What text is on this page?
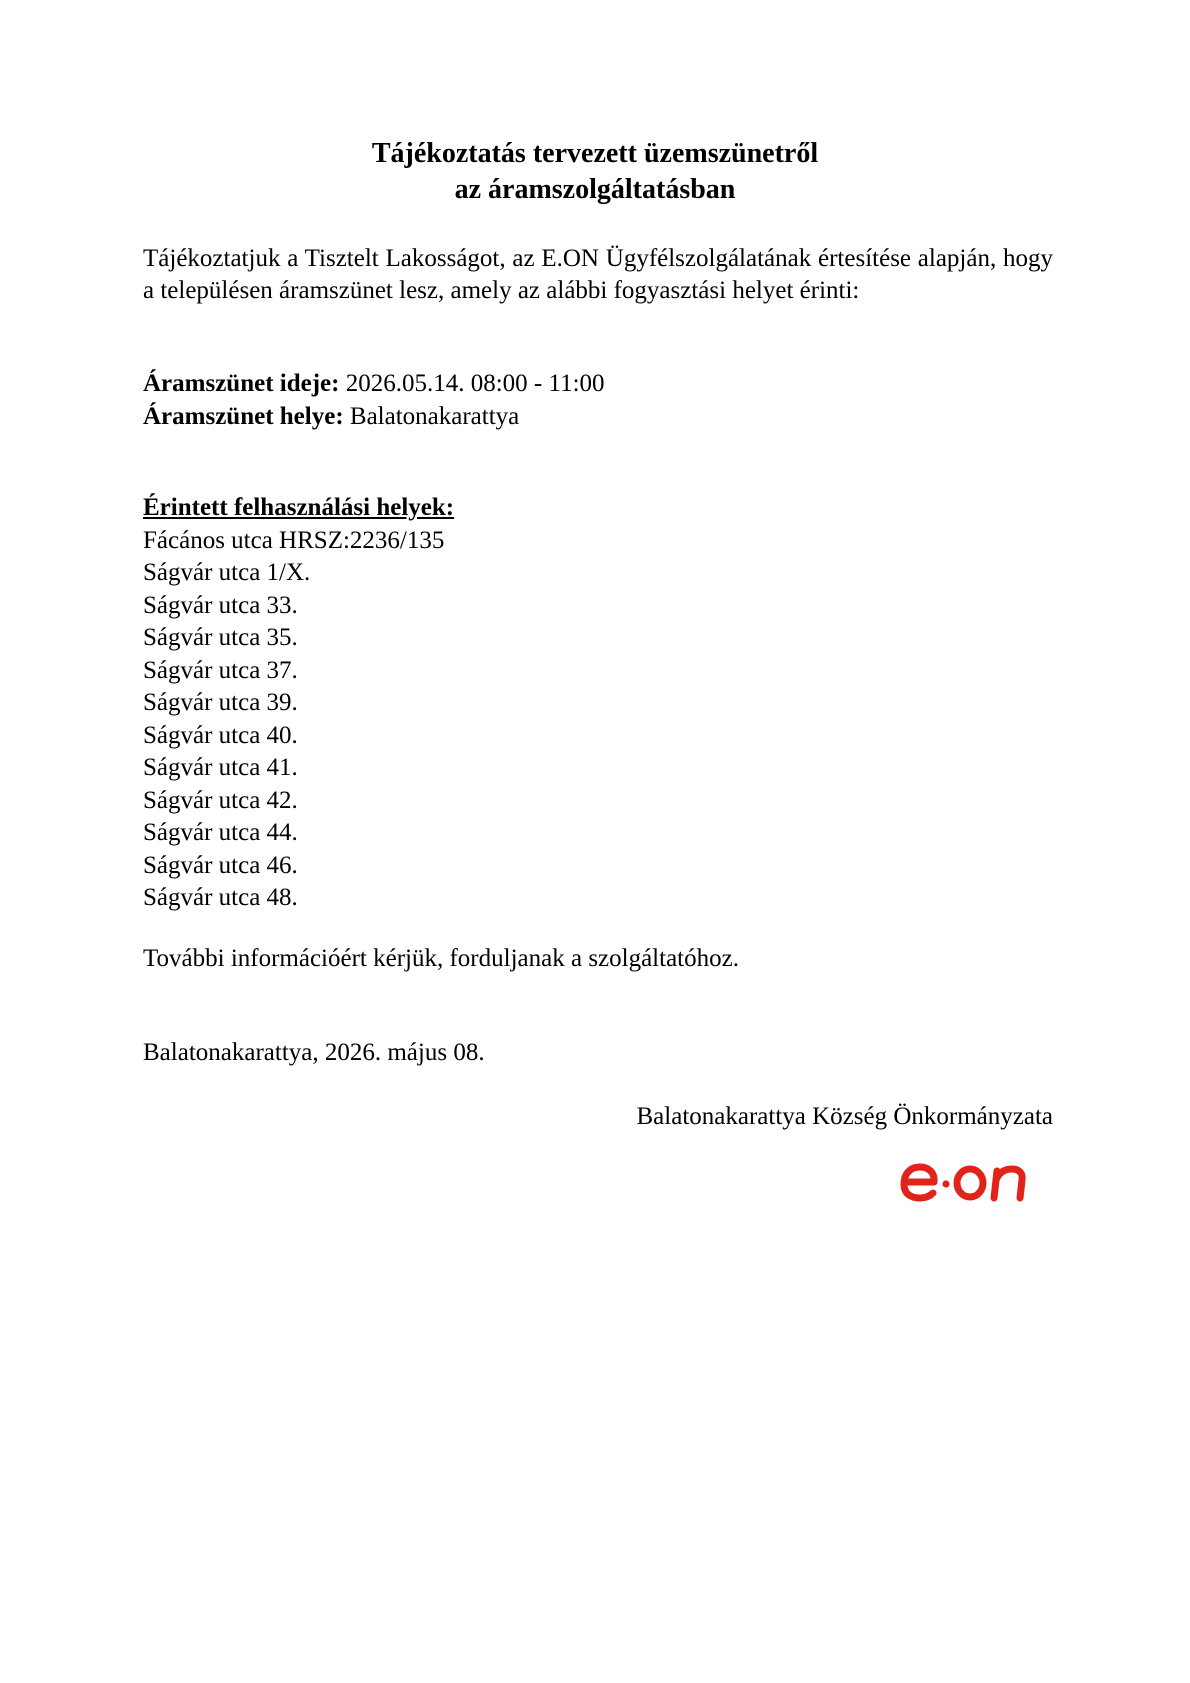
Tájékoztatás tervezett üzemszünetről
az áramszolgáltatásban

Tájékoztatjuk a Tisztelt Lakosságot, az E.ON Ügyfélszolgálatának értesítése alapján, hogy a településen áramszünet lesz, amely az alábbi fogyasztási helyet érinti:

Áramszünet ideje: 2026.05.14. 08:00 - 11:00
Áramszünet helye: Balatonakarattya
Érintett felhasználási helyek:
Fácános utca HRSZ:2236/135
Ságvár utca 1/X.
Ságvár utca 33.
Ságvár utca 35.
Ságvár utca 37.
Ságvár utca 39.
Ságvár utca 40.
Ságvár utca 41.
Ságvár utca 42.
Ságvár utca 44.
Ságvár utca 46.
Ságvár utca 48.
További információért kérjük, forduljanak a szolgáltatóhoz.
Balatonakarattya, 2026. május 08.
Balatonakarattya Község Önkormányzata
